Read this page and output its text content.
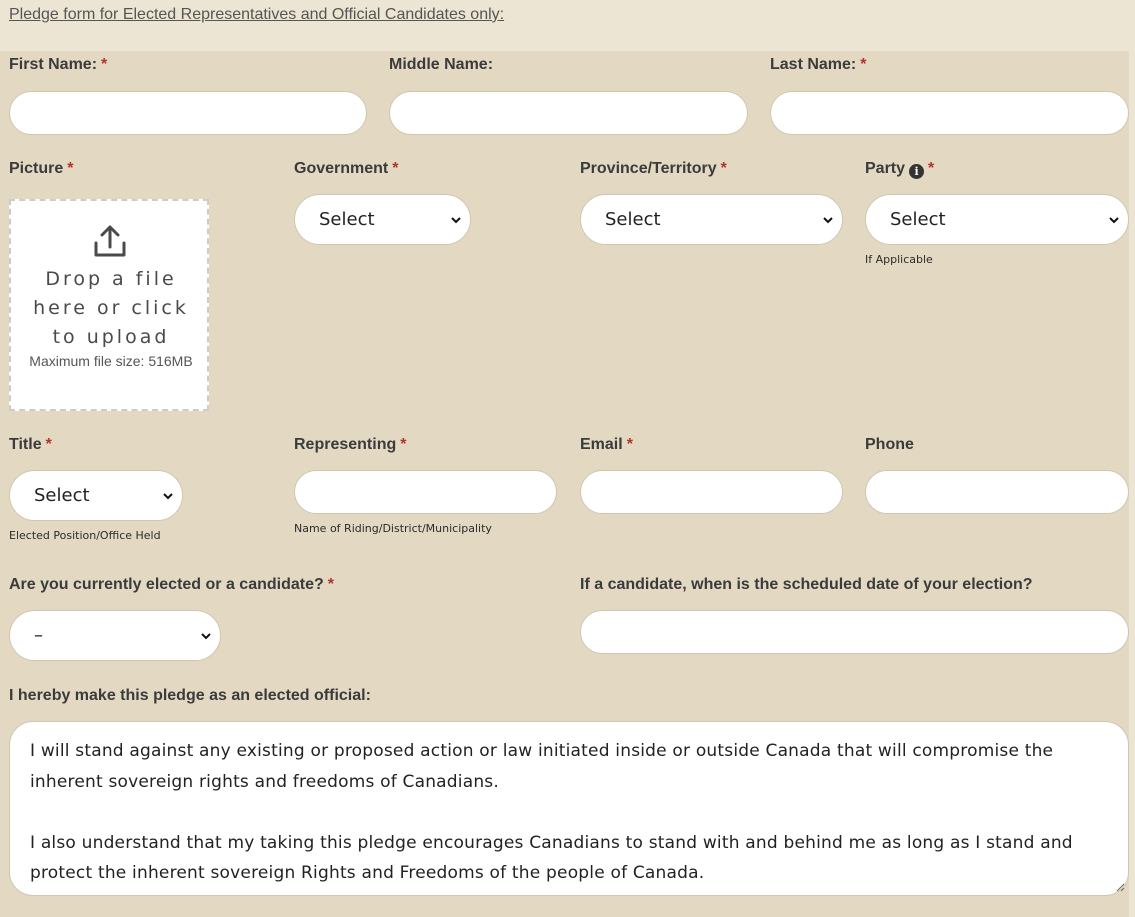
Pledge form for Elected Representatives and Official Candidates only:
First Name: *	Middle Name:	Last Name: *
Picture *
Drop a file here or click to upload
Maximum file size: 516MB
Government *
Select
Province/Territory *
Select
Party i *
Select
If Applicable
Title *
Select
Elected Position/Office Held
Representing *
Name of Riding/District/Municipality
Email *	Phone
Are you currently elected or a candidate? *
–
If a candidate, when is the scheduled date of your election?
I hereby make this pledge as an elected official:

I will stand against any existing or proposed action or law initiated inside or outside Canada that will compromise the inherent sovereign rights and freedoms of Canadians.

I also understand that my taking this pledge encourages Canadians to stand with and behind me as long as I stand and protect the inherent sovereign Rights and Freedoms of the people of Canada.
